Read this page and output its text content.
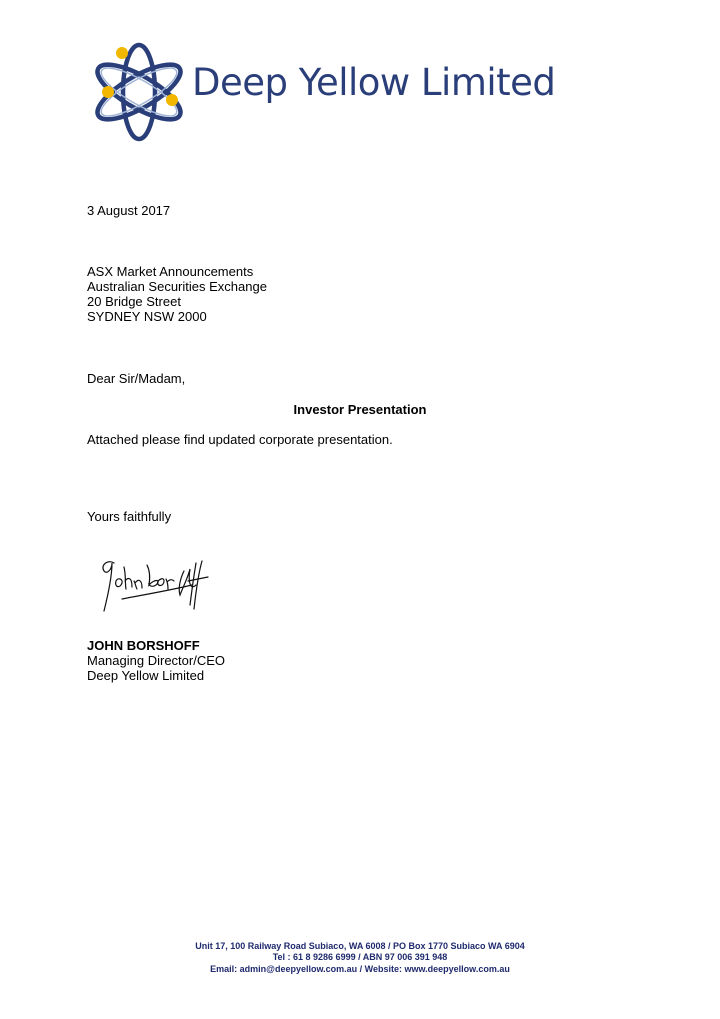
Deep Yellow Limited
3 August 2017
ASX Market Announcements
Australian Securities Exchange
20 Bridge Street
SYDNEY NSW 2000
Dear Sir/Madam,
Investor Presentation
Attached please find updated corporate presentation.
Yours faithfully
JOHN BORSHOFF
Managing Director/CEO
Deep Yellow Limited
Unit 17, 100 Railway Road Subiaco, WA 6008 / PO Box 1770 Subiaco WA 6904
Tel : 61 8 9286 6999 / ABN 97 006 391 948
Email: admin@deepyellow.com.au / Website: www.deepyellow.com.au
